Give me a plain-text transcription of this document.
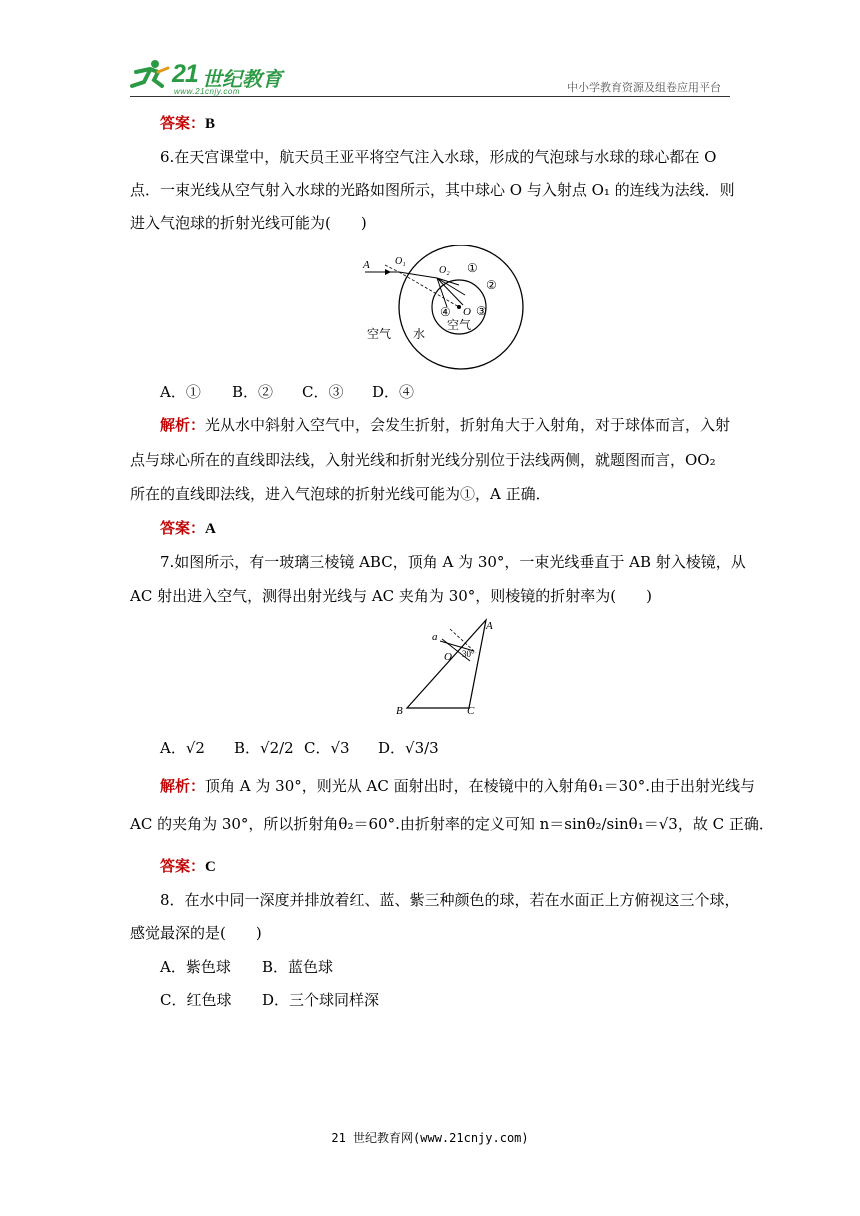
21 世纪教育
www.21cnjy.com	中小学教育资源及组卷应用平台
答案：B
6.在天宫课堂中，航天员王亚平将空气注入水球，形成的气泡球与水球的球心都在 O
点．一束光线从空气射入水球的光路如图所示，其中球心 O 与入射点 O₁ 的连线为法线．则
进入气泡球的折射光线可能为(　　)
A	O₁
O₂
O
①
②
③
④
空气 水
空气
A．① B．② C．③ D．④
解析：光从水中斜射入空气中，会发生折射，折射角大于入射角，对于球体而言，入射
点与球心所在的直线即法线，入射光线和折射光线分别位于法线两侧，就题图而言，OO₂
所在的直线即法线，进入气泡球的折射光线可能为①，A 正确．
答案：A
7.如图所示，有一玻璃三棱镜 ABC，顶角 A 为 30°，一束光线垂直于 AB 射入棱镜，从
AC 射出进入空气，测得出射光线与 AC 夹角为 30°，则棱镜的折射率为(　　)
a
A
O 30°
B	C
A．√2 B．√2/2 C．√3 D．√3/3
解析：顶角 A 为 30°，则光从 AC 面射出时，在棱镜中的入射角θ₁＝30°.由于出射光线与
AC 的夹角为 30°，所以折射角θ₂＝60°.由折射率的定义可知 n＝sinθ₂/sinθ₁＝√3，故 C 正确．
答案：C
8．在水中同一深度并排放着红、蓝、紫三种颜色的球，若在水面正上方俯视这三个球，
感觉最深的是(　　)
A．紫色球 B．蓝色球
C．红色球 D．三个球同样深
21 世纪教育网(www.21cnjy.com)
